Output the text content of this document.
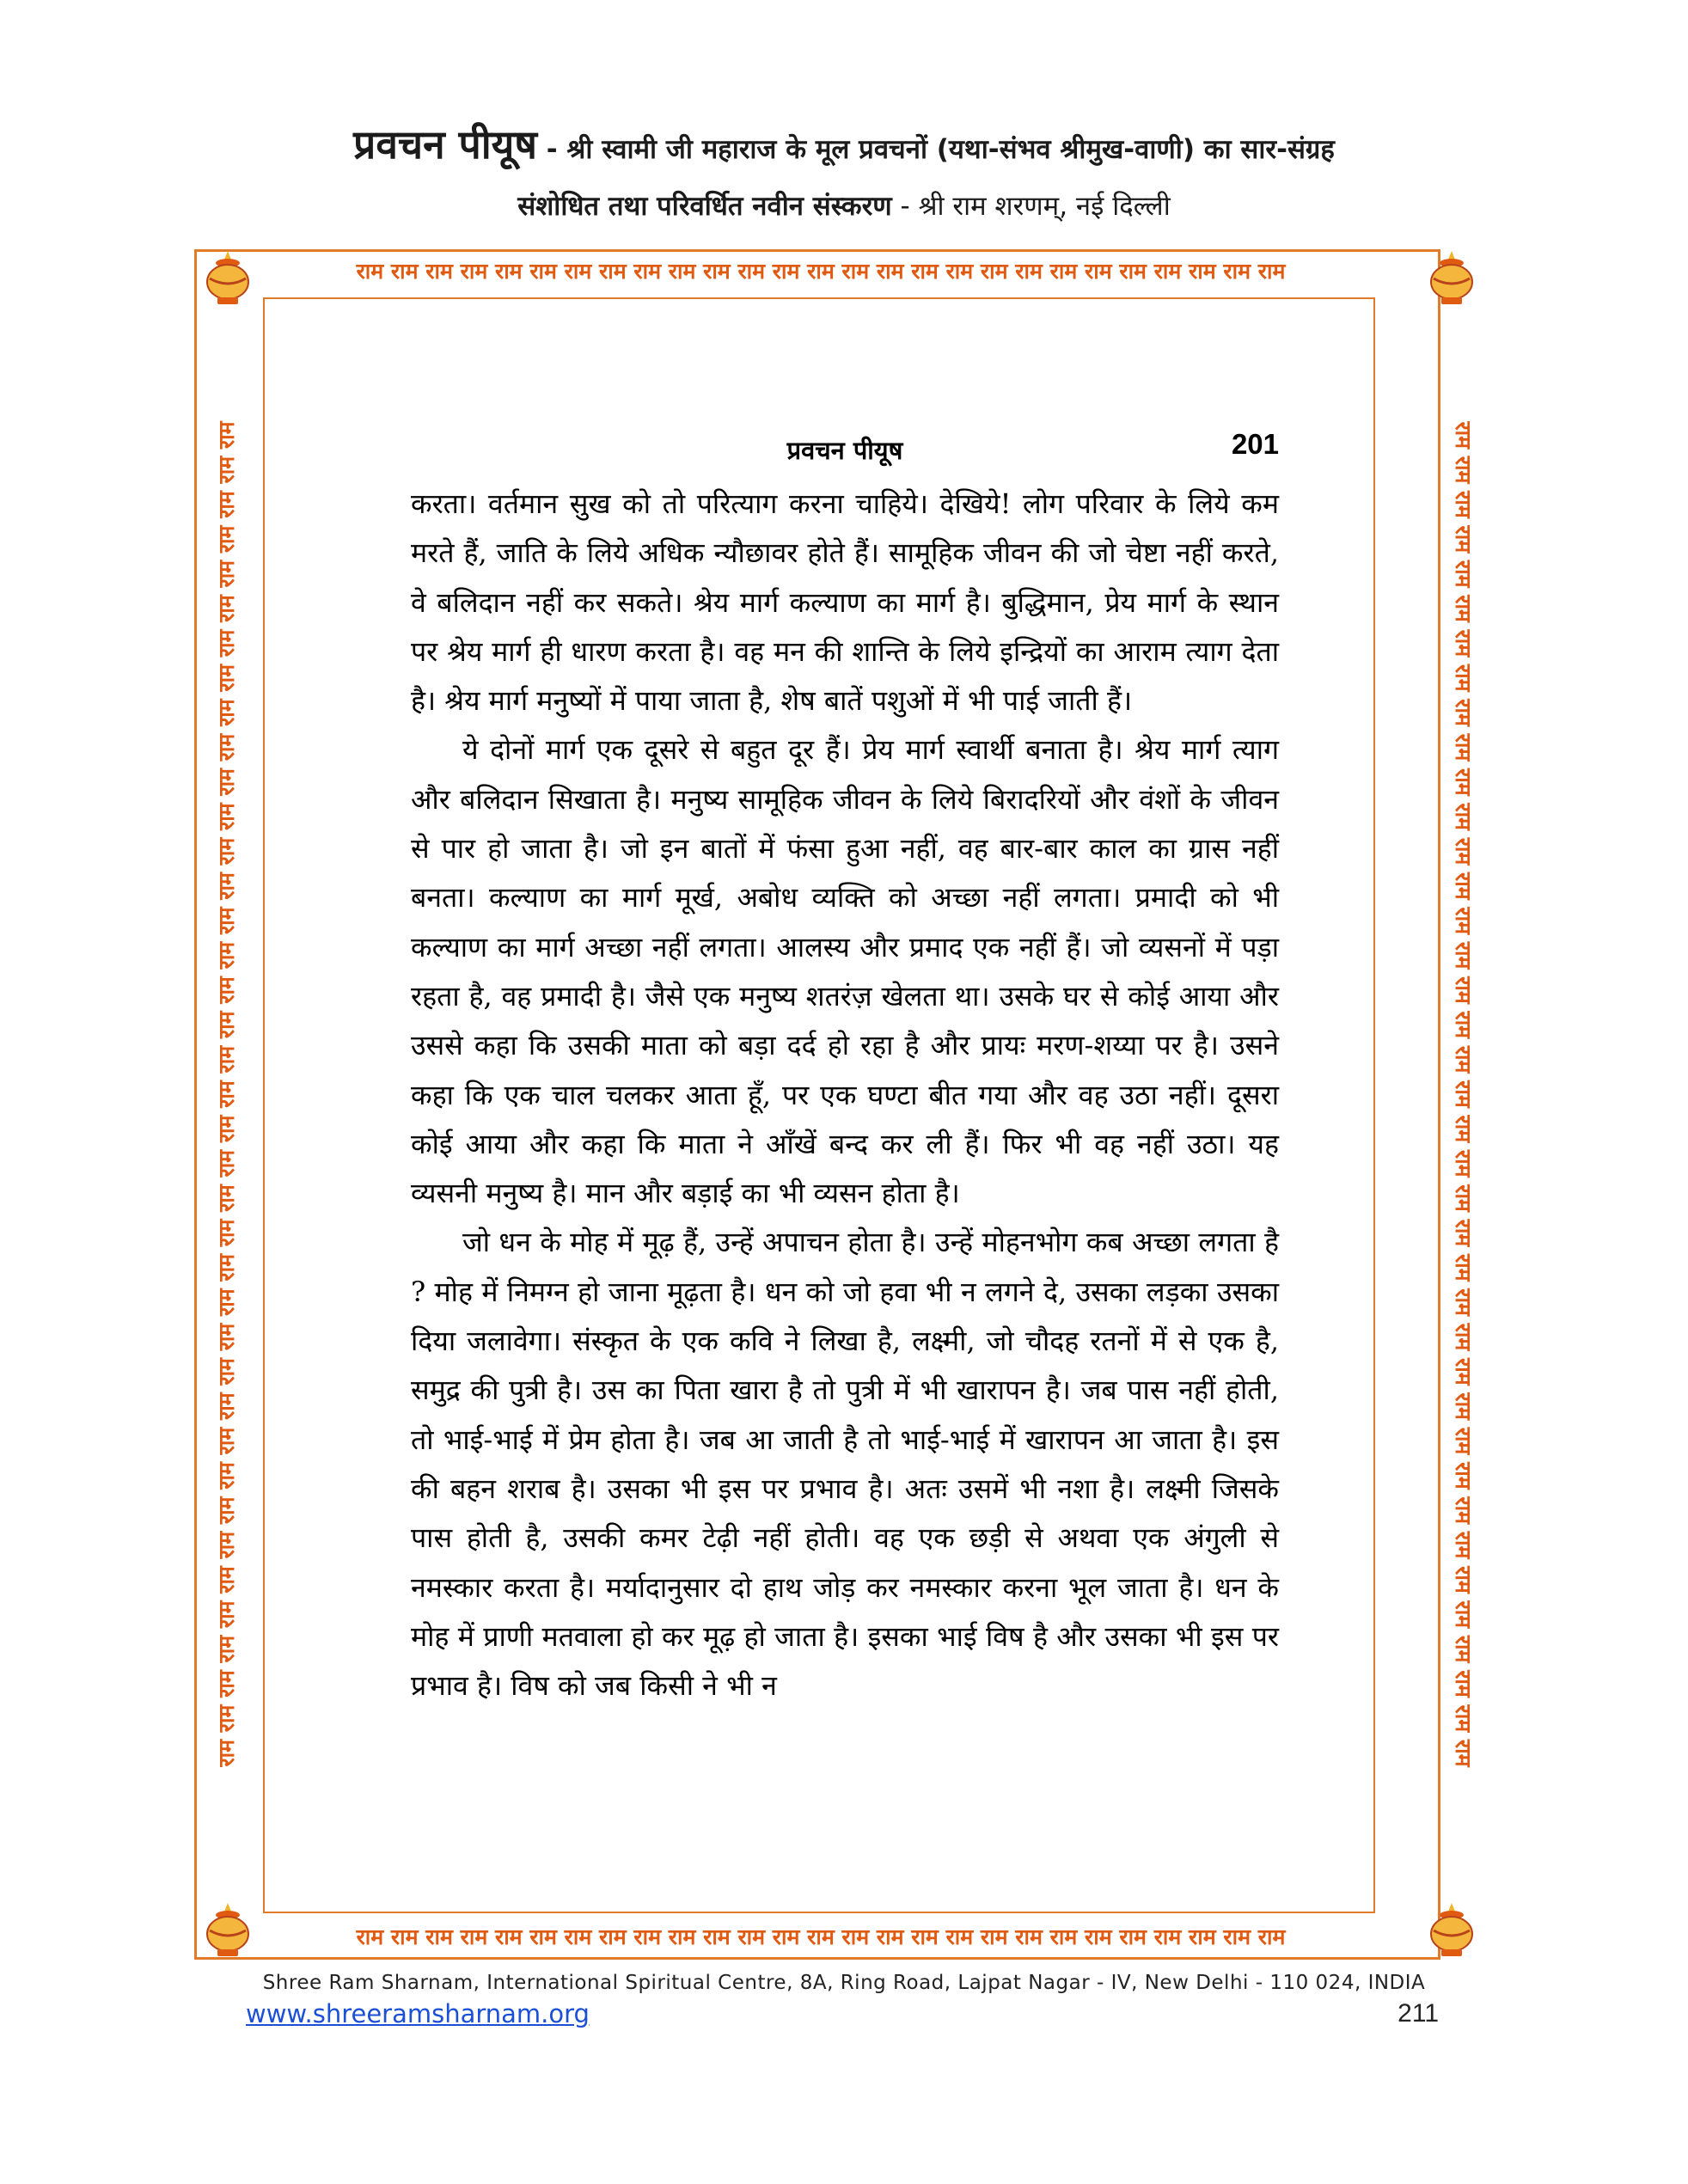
प्रवचन पीयूष - श्री स्वामी जी महाराज के मूल प्रवचनों (यथा-संभव श्रीमुख-वाणी) का सार-संग्रह
संशोधित तथा परिवर्धित नवीन संस्करण - श्री राम शरणम्, नई दिल्ली
राम राम राम राम राम राम राम राम राम राम राम राम राम राम राम राम राम राम राम राम राम राम राम राम राम राम राम
राम राम राम राम राम राम राम राम राम राम राम राम राम राम राम राम राम राम राम राम राम राम राम राम राम राम राम
राम राम राम राम राम राम राम राम राम राम राम राम राम राम राम राम राम राम राम राम राम राम राम राम राम राम राम राम राम राम राम राम राम राम राम राम राम राम राम	राम राम राम राम राम राम राम राम राम राम राम राम राम राम राम राम राम राम राम राम राम राम राम राम राम राम राम राम राम राम राम राम राम राम राम राम राम राम राम
प्रवचन पीयूष	201

करता। वर्तमान सुख को तो परित्याग करना चाहिये। देखिये! लोग परिवार के लिये कम मरते हैं, जाति के लिये अधिक न्यौछावर होते हैं। सामूहिक जीवन की जो चेष्टा नहीं करते, वे बलिदान नहीं कर सकते। श्रेय मार्ग कल्याण का मार्ग है। बुद्धिमान, प्रेय मार्ग के स्थान पर श्रेय मार्ग ही धारण करता है। वह मन की शान्ति के लिये इन्द्रियों का आराम त्याग देता है। श्रेय मार्ग मनुष्यों में पाया जाता है, शेष बातें पशुओं में भी पाई जाती हैं।

ये दोनों मार्ग एक दूसरे से बहुत दूर हैं। प्रेय मार्ग स्वार्थी बनाता है। श्रेय मार्ग त्याग और बलिदान सिखाता है। मनुष्य सामूहिक जीवन के लिये बिरादरियों और वंशों के जीवन से पार हो जाता है। जो इन बातों में फंसा हुआ नहीं, वह बार-बार काल का ग्रास नहीं बनता। कल्याण का मार्ग मूर्ख, अबोध व्यक्ति को अच्छा नहीं लगता। प्रमादी को भी कल्याण का मार्ग अच्छा नहीं लगता। आलस्य और प्रमाद एक नहीं हैं। जो व्यसनों में पड़ा रहता है, वह प्रमादी है। जैसे एक मनुष्य शतरंज़ खेलता था। उसके घर से कोई आया और उससे कहा कि उसकी माता को बड़ा दर्द हो रहा है और प्रायः मरण-शय्या पर है। उसने कहा कि एक चाल चलकर आता हूँ, पर एक घण्टा बीत गया और वह उठा नहीं। दूसरा कोई आया और कहा कि माता ने आँखें बन्द कर ली हैं। फिर भी वह नहीं उठा। यह व्यसनी मनुष्य है। मान और बड़ाई का भी व्यसन होता है।

जो धन के मोह में मूढ़ हैं, उन्हें अपाचन होता है। उन्हें मोहनभोग कब अच्छा लगता है ? मोह में निमग्न हो जाना मूढ़ता है। धन को जो हवा भी न लगने दे, उसका लड़का उसका दिया जलावेगा। संस्कृत के एक कवि ने लिखा है, लक्ष्मी, जो चौदह रतनों में से एक है, समुद्र की पुत्री है। उस का पिता खारा है तो पुत्री में भी खारापन है। जब पास नहीं होती, तो भाई-भाई में प्रेम होता है। जब आ जाती है तो भाई-भाई में खारापन आ जाता है। इस की बहन शराब है। उसका भी इस पर प्रभाव है। अतः उसमें भी नशा है। लक्ष्मी जिसके पास होती है, उसकी कमर टेढ़ी नहीं होती। वह एक छड़ी से अथवा एक अंगुली से नमस्कार करता है। मर्यादानुसार दो हाथ जोड़ कर नमस्कार करना भूल जाता है। धन के मोह में प्राणी मतवाला हो कर मूढ़ हो जाता है। इसका भाई विष है और उसका भी इस पर प्रभाव है। विष को जब किसी ने भी न

Shree Ram Sharnam, International Spiritual Centre, 8A, Ring Road, Lajpat Nagar - IV, New Delhi - 110 024, INDIA
www.shreeramsharnam.org	211
